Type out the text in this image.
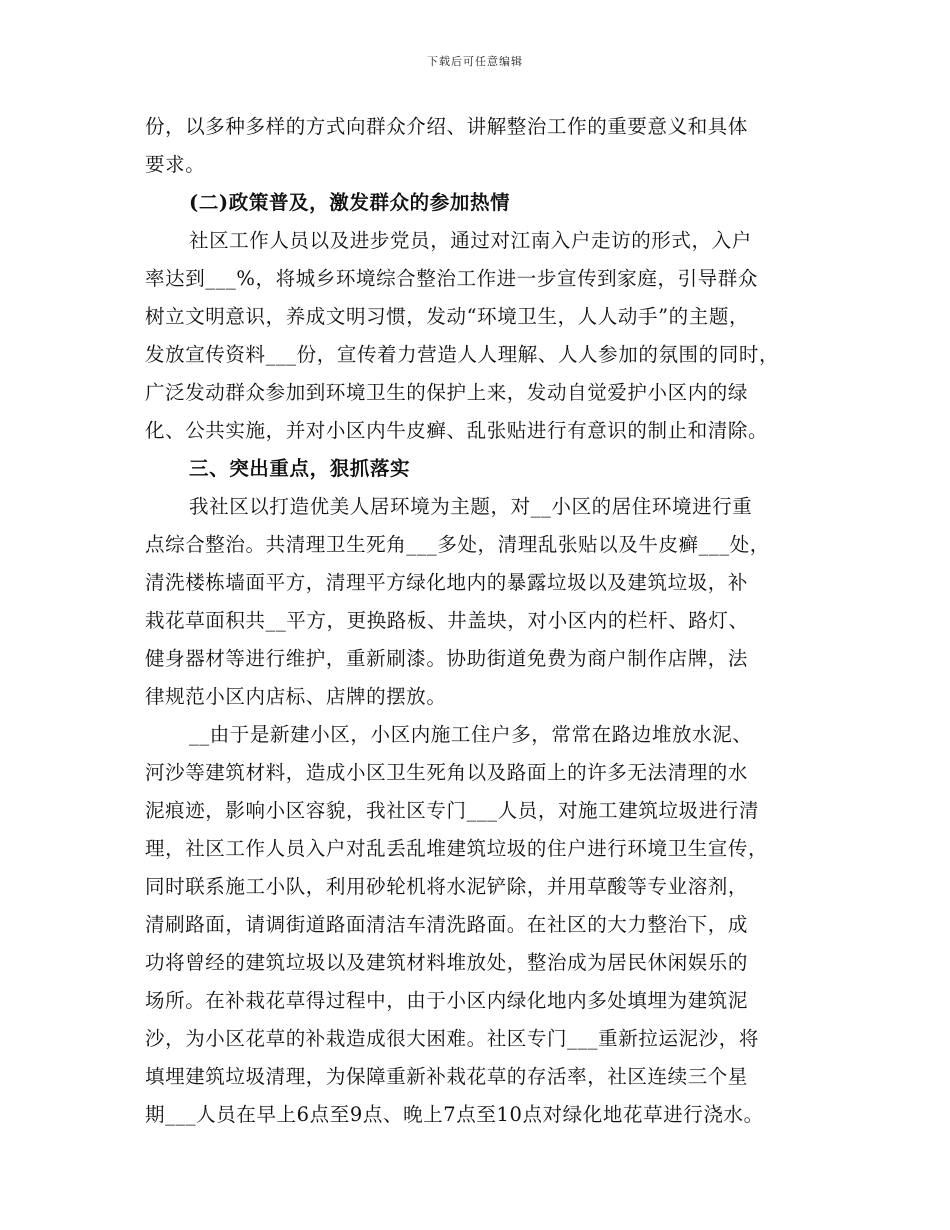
下载后可任意编辑
份，以多种多样的方式向群众介绍、讲解整治工作的重要意义和具体
要求。
(二)政策普及，激发群众的参加热情
社区工作人员以及进步党员，通过对江南入户走访的形式，入户
率达到___%，将城乡环境综合整治工作进一步宣传到家庭，引导群众
树立文明意识，养成文明习惯，发动“环境卫生，人人动手”的主题，
发放宣传资料___份，宣传着力营造人人理解、人人参加的氛围的同时，
广泛发动群众参加到环境卫生的保护上来，发动自觉爱护小区内的绿
化、公共实施，并对小区内牛皮癣、乱张贴进行有意识的制止和清除。
三、突出重点，狠抓落实
我社区以打造优美人居环境为主题，对__小区的居住环境进行重
点综合整治。共清理卫生死角___多处，清理乱张贴以及牛皮癣___处，
清洗楼栋墙面平方，清理平方绿化地内的暴露垃圾以及建筑垃圾，补
栽花草面积共__平方，更换路板、井盖块，对小区内的栏杆、路灯、
健身器材等进行维护，重新刷漆。协助街道免费为商户制作店牌，法
律规范小区内店标、店牌的摆放。
__由于是新建小区，小区内施工住户多，常常在路边堆放水泥、
河沙等建筑材料，造成小区卫生死角以及路面上的许多无法清理的水
泥痕迹，影响小区容貌，我社区专门___人员，对施工建筑垃圾进行清
理，社区工作人员入户对乱丢乱堆建筑垃圾的住户进行环境卫生宣传，
同时联系施工小队，利用砂轮机将水泥铲除，并用草酸等专业溶剂，
清刷路面，请调街道路面清洁车清洗路面。在社区的大力整治下，成
功将曾经的建筑垃圾以及建筑材料堆放处，整治成为居民休闲娱乐的
场所。在补栽花草得过程中，由于小区内绿化地内多处填埋为建筑泥
沙，为小区花草的补栽造成很大困难。社区专门___重新拉运泥沙，将
填埋建筑垃圾清理，为保障重新补栽花草的存活率，社区连续三个星
期___人员在早上6点至9点、晚上7点至10点对绿化地花草进行浇水。
